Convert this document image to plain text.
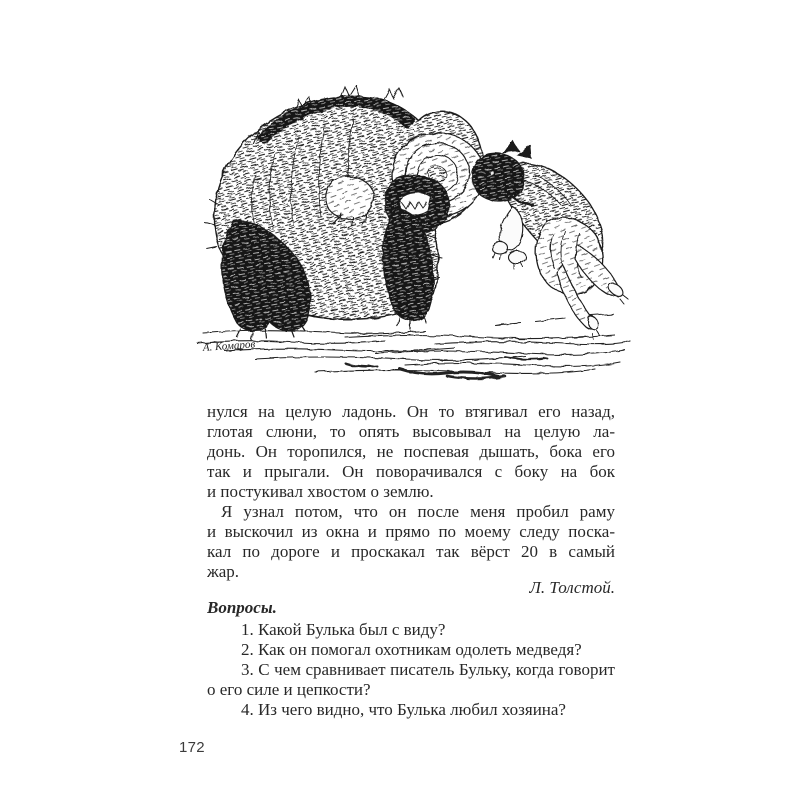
А. Комаров
нулся на целую ладонь. Он то втягивал его назад,
глотая слюни, то опять высовывал на целую ла-
донь. Он торопился, не поспевая дышать, бока его
так и прыгали. Он поворачивался с боку на бок
и постукивал хвостом о землю.
Я узнал потом, что он после меня пробил раму
и выскочил из окна и прямо по моему следу поска-
кал по дороге и проскакал так вёрст 20 в самый
жар.
Л. Толстой.
Вопросы.
1. Какой Булька был с виду?
2. Как он помогал охотникам одолеть медведя?
3. С чем сравнивает писатель Бульку, когда говорит
о его силе и цепкости?
4. Из чего видно, что Булька любил хозяина?
172
